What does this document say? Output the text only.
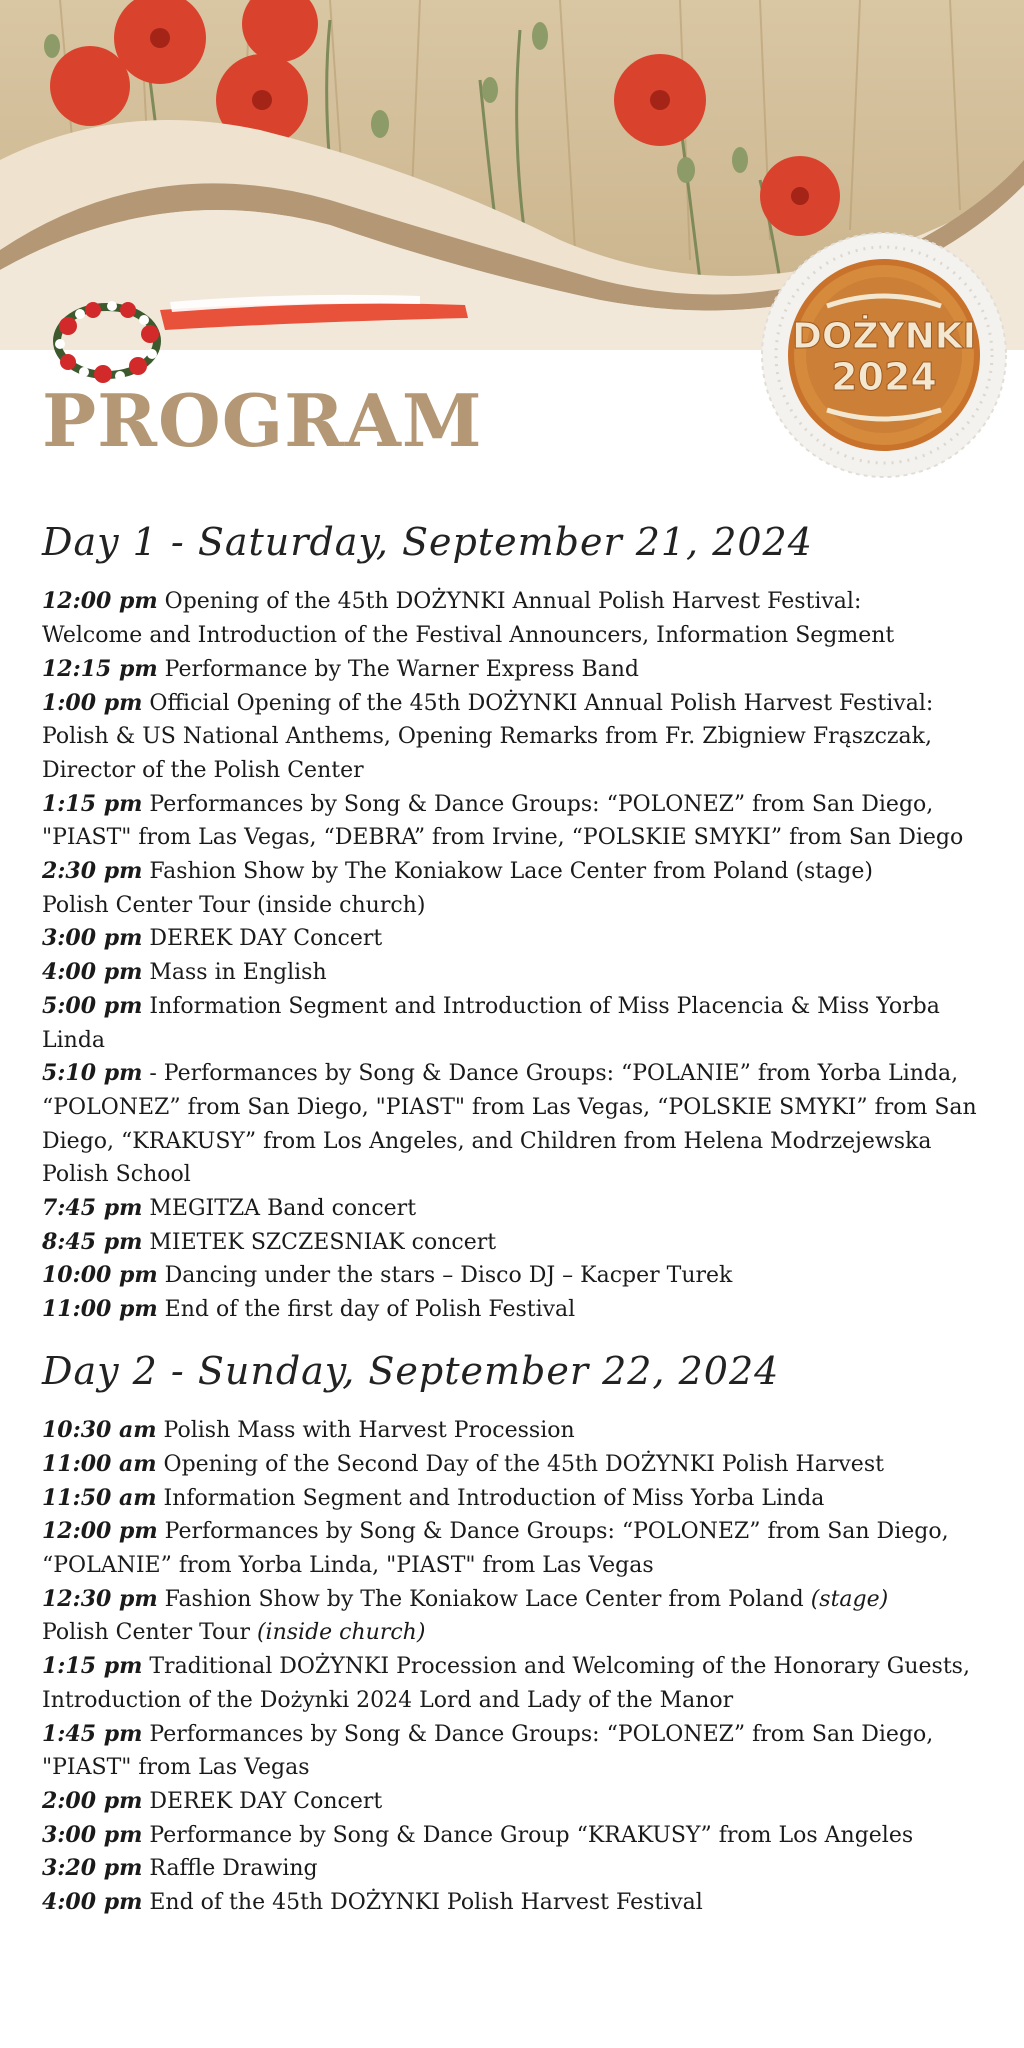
PROGRAM
DOŻYNKI
2024
Day 1 - Saturday, September 21, 2024

12:00 pm Opening of the 45th DOŻYNKI Annual Polish Harvest Festival:
Welcome and Introduction of the Festival Announcers, Information Segment

12:15 pm Performance by The Warner Express Band

1:00 pm Official Opening of the 45th DOŻYNKI Annual Polish Harvest Festival:
Polish & US National Anthems, Opening Remarks from Fr. Zbigniew Frąszczak, Director of the Polish Center

1:15 pm Performances by Song & Dance Groups: “POLONEZ” from San Diego, "PIAST" from Las Vegas, “DEBRA” from Irvine, “POLSKIE SMYKI” from San Diego

2:30 pm Fashion Show by The Koniakow Lace Center from Poland (stage)
Polish Center Tour (inside church)

3:00 pm DEREK DAY Concert

4:00 pm Mass in English

5:00 pm Information Segment and Introduction of Miss Placencia & Miss Yorba Linda

5:10 pm - Performances by Song & Dance Groups: “POLANIE” from Yorba Linda, “POLONEZ” from San Diego, "PIAST" from Las Vegas, “POLSKIE SMYKI” from San Diego, “KRAKUSY” from Los Angeles, and Children from Helena Modrzejewska Polish School

7:45 pm MEGITZA Band concert

8:45 pm MIETEK SZCZESNIAK concert

10:00 pm Dancing under the stars – Disco DJ – Kacper Turek

11:00 pm End of the first day of Polish Festival

Day 2 - Sunday, September 22, 2024

10:30 am Polish Mass with Harvest Procession

11:00 am Opening of the Second Day of the 45th DOŻYNKI Polish Harvest

11:50 am Information Segment and Introduction of Miss Yorba Linda

12:00 pm Performances by Song & Dance Groups: “POLONEZ” from San Diego, “POLANIE” from Yorba Linda, "PIAST" from Las Vegas

12:30 pm Fashion Show by The Koniakow Lace Center from Poland (stage)
Polish Center Tour (inside church)

1:15 pm Traditional DOŻYNKI Procession and Welcoming of the Honorary Guests,
Introduction of the Dożynki 2024 Lord and Lady of the Manor

1:45 pm Performances by Song & Dance Groups: “POLONEZ” from San Diego, "PIAST" from Las Vegas

2:00 pm DEREK DAY Concert

3:00 pm Performance by Song & Dance Group “KRAKUSY” from Los Angeles

3:20 pm Raffle Drawing

4:00 pm End of the 45th DOŻYNKI Polish Harvest Festival
